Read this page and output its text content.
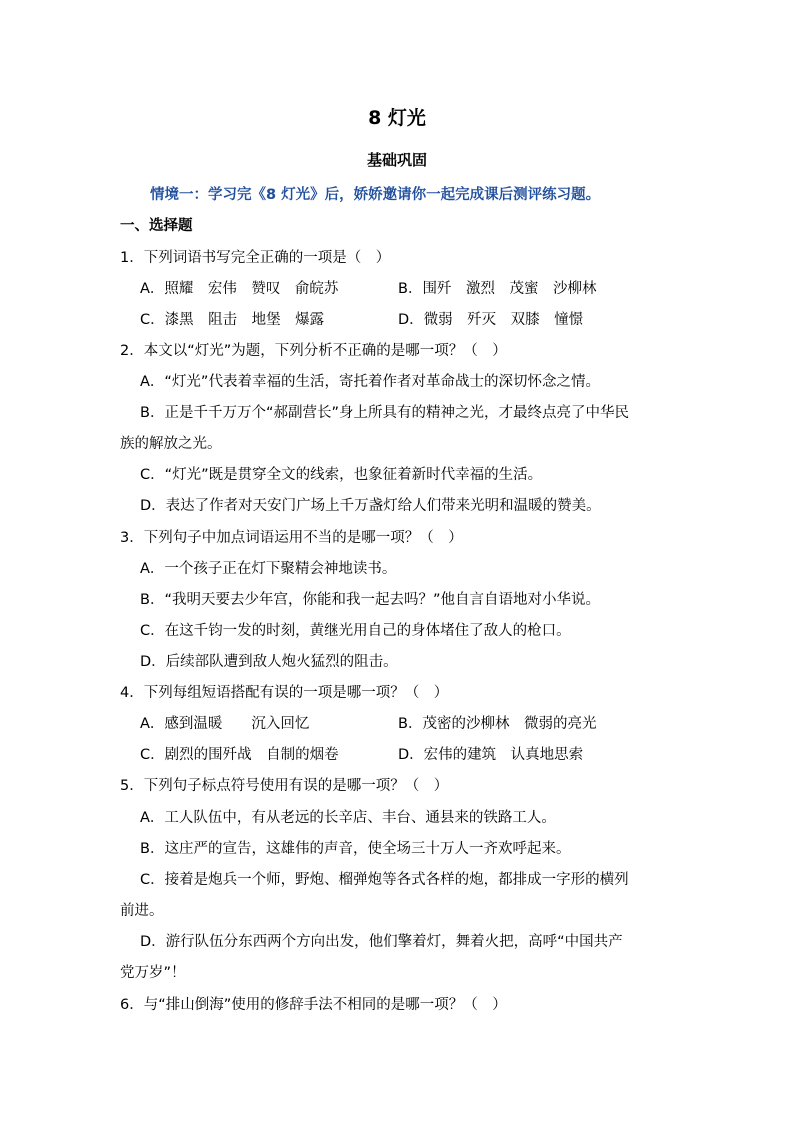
8 灯光
基础巩固
情境一：学习完《8 灯光》后，娇娇邀请你一起完成课后测评练习题。
一、选择题
1．下列词语书写完全正确的一项是（　）
A．照耀　宏伟　赞叹　俞皖苏	B．围歼　激烈　茂蜜　沙柳林
C．漆黑　阻击　地堡　爆露	D．微弱　歼灭　双膝　憧憬
2．本文以“灯光”为题，下列分析不正确的是哪一项？（　）
A．“灯光”代表着幸福的生活，寄托着作者对革命战士的深切怀念之情。
B．正是千千万万个“郝副营长”身上所具有的精神之光，才最终点亮了中华民
族的解放之光。
C．“灯光”既是贯穿全文的线索，也象征着新时代幸福的生活。
D．表达了作者对天安门广场上千万盏灯给人们带来光明和温暖的赞美。
3．下列句子中加点词语运用不当的是哪一项？（　）
A．一个孩子正在灯下聚精会神地读书。
B．“我明天要去少年宫，你能和我一起去吗？”他自言自语地对小华说。
C．在这千钧一发的时刻，黄继光用自己的身体堵住了敌人的枪口。
D．后续部队遭到敌人炮火猛烈的阻击。
4．下列每组短语搭配有误的一项是哪一项？（　）
A．感到温暖　　沉入回忆	B．茂密的沙柳林　微弱的亮光
C．剧烈的围歼战　自制的烟卷	D．宏伟的建筑　认真地思索
5．下列句子标点符号使用有误的是哪一项？（　）
A．工人队伍中，有从老远的长辛店、丰台、通县来的铁路工人。
B．这庄严的宣告，这雄伟的声音，使全场三十万人一齐欢呼起来。
C．接着是炮兵一个师，野炮、榴弹炮等各式各样的炮，都排成一字形的横列
前进。
D．游行队伍分东西两个方向出发，他们擎着灯，舞着火把，高呼“中国共产
党万岁”！
6．与“排山倒海”使用的修辞手法不相同的是哪一项？（　）
